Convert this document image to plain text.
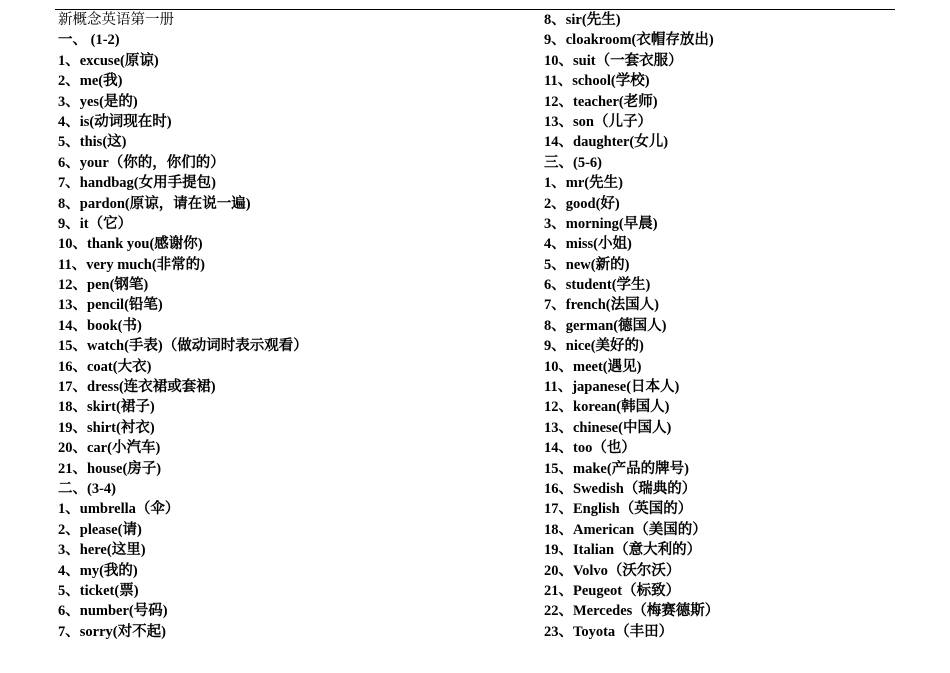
新概念英语第一册
一、 (1-2)
1、excuse(原谅)
2、me(我)
3、yes(是的)
4、is(动词现在时)
5、this(这)
6、your（你的，你们的）
7、handbag(女用手提包)
8、pardon(原谅，请在说一遍)
9、it（它）
10、thank you(感谢你)
11、very much(非常的)
12、pen(钢笔)
13、pencil(铅笔)
14、book(书)
15、watch(手表)（做动词时表示观看）
16、coat(大衣)
17、dress(连衣裙或套裙)
18、skirt(裙子)
19、shirt(衬衣)
20、car(小汽车)
21、house(房子)
二、(3-4)
1、umbrella（伞）
2、please(请)
3、here(这里)
4、my(我的)
5、ticket(票)
6、number(号码)
7、sorry(对不起)
8、sir(先生)
9、cloakroom(衣帽存放出)
10、suit（一套衣服）
11、school(学校)
12、teacher(老师)
13、son（儿子）
14、daughter(女儿)
三、(5-6)
1、mr(先生)
2、good(好)
3、morning(早晨)
4、miss(小姐)
5、new(新的)
6、student(学生)
7、french(法国人)
8、german(德国人)
9、nice(美好的)
10、meet(遇见)
11、japanese(日本人)
12、korean(韩国人)
13、chinese(中国人)
14、too（也）
15、make(产品的牌号)
16、Swedish（瑞典的）
17、English（英国的）
18、American（美国的）
19、Italian（意大利的）
20、Volvo（沃尔沃）
21、Peugeot（标致）
22、Mercedes（梅赛德斯）
23、Toyota（丰田）
